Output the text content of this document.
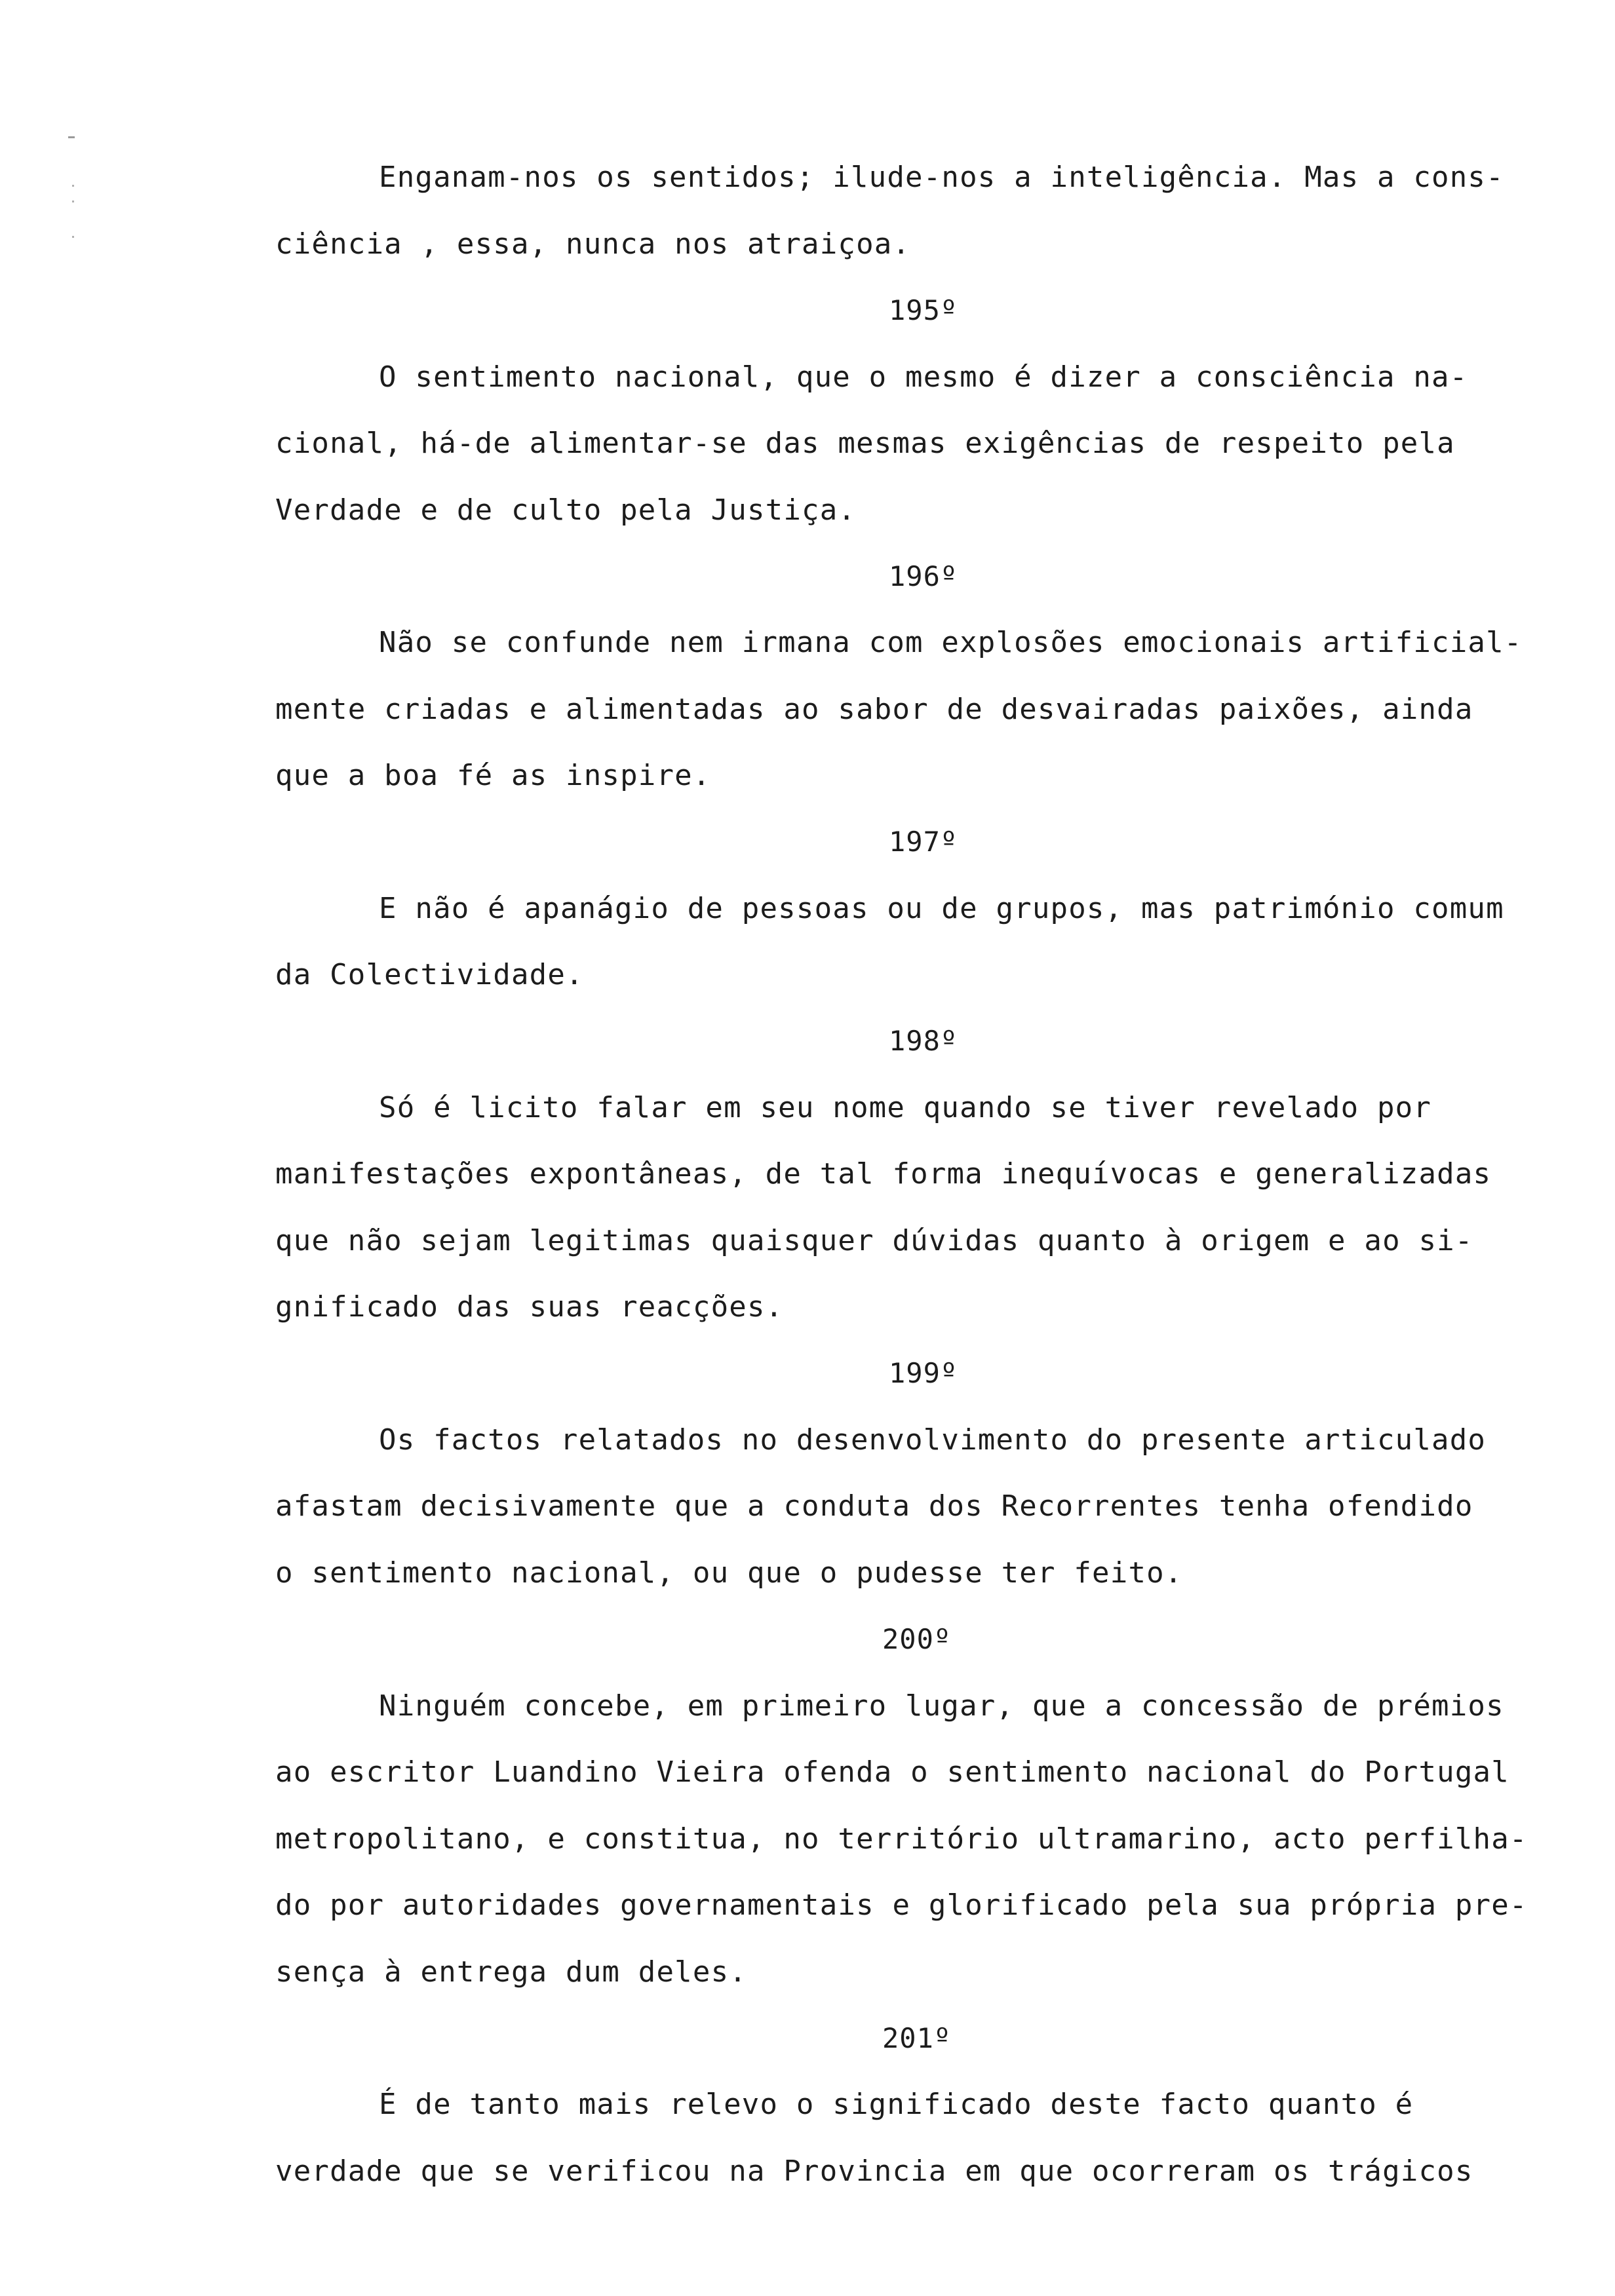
Enganam-nos os sentidos; ilude-nos a inteligência. Mas a cons-
ciência , essa, nunca nos atraiçoa.
195º
O sentimento nacional, que o mesmo é dizer a consciência na-
cional, há-de alimentar-se das mesmas exigências de respeito pela
Verdade e de culto pela Justiça.
196º
Não se confunde nem irmana com explosões emocionais artificial-
mente criadas e alimentadas ao sabor de desvairadas paixões, ainda
que a boa fé as inspire.
197º
E não é apanágio de pessoas ou de grupos, mas património comum
da Colectividade.
198º
Só é licito falar em seu nome quando se tiver revelado por
manifestações expontâneas, de tal forma inequívocas e generalizadas
que não sejam legitimas quaisquer dúvidas quanto à origem e ao si-
gnificado das suas reacções.
199º
Os factos relatados no desenvolvimento do presente articulado
afastam decisivamente que a conduta dos Recorrentes tenha ofendido
o sentimento nacional, ou que o pudesse ter feito.
200º
Ninguém concebe, em primeiro lugar, que a concessão de prémios
ao escritor Luandino Vieira ofenda o sentimento nacional do Portugal
metropolitano, e constitua, no território ultramarino, acto perfilha-
do por autoridades governamentais e glorificado pela sua própria pre-
sença à entrega dum deles.
201º
É de tanto mais relevo o significado deste facto quanto é
verdade que se verificou na Provincia em que ocorreram os trágicos
